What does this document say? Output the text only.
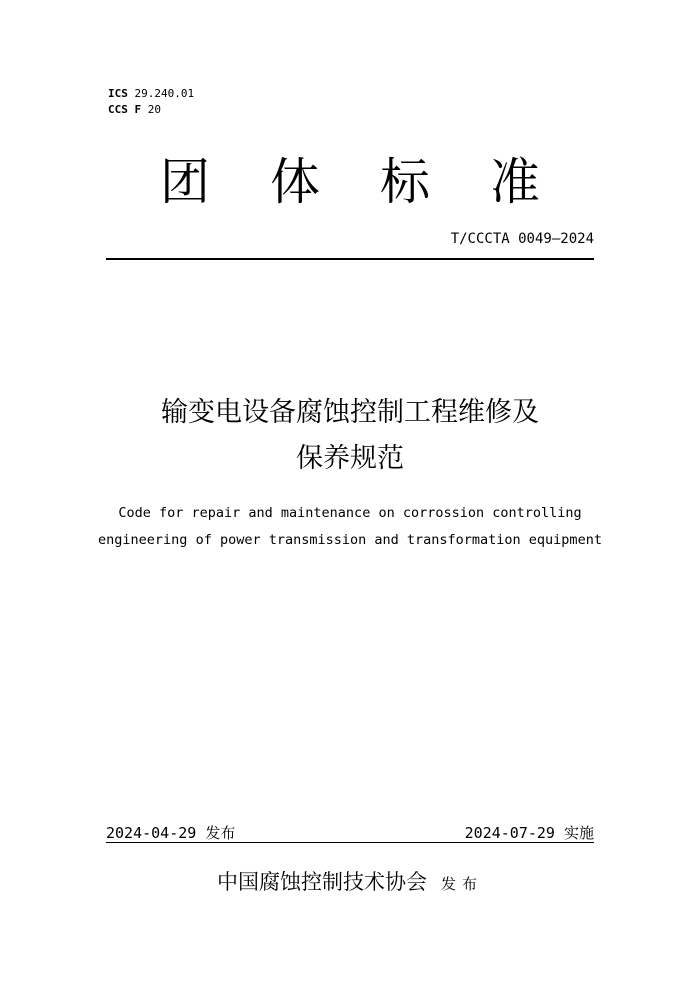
ICS 29.240.01
CCS F 20
团体标准
T/CCCTA 0049—2024
输变电设备腐蚀控制工程维修及
保养规范
Code for repair and maintenance on corrossion controlling
engineering of power transmission and transformation equipment
2024-04-29 发布	2024-07-29 实施
中国腐蚀控制技术协会 发布
